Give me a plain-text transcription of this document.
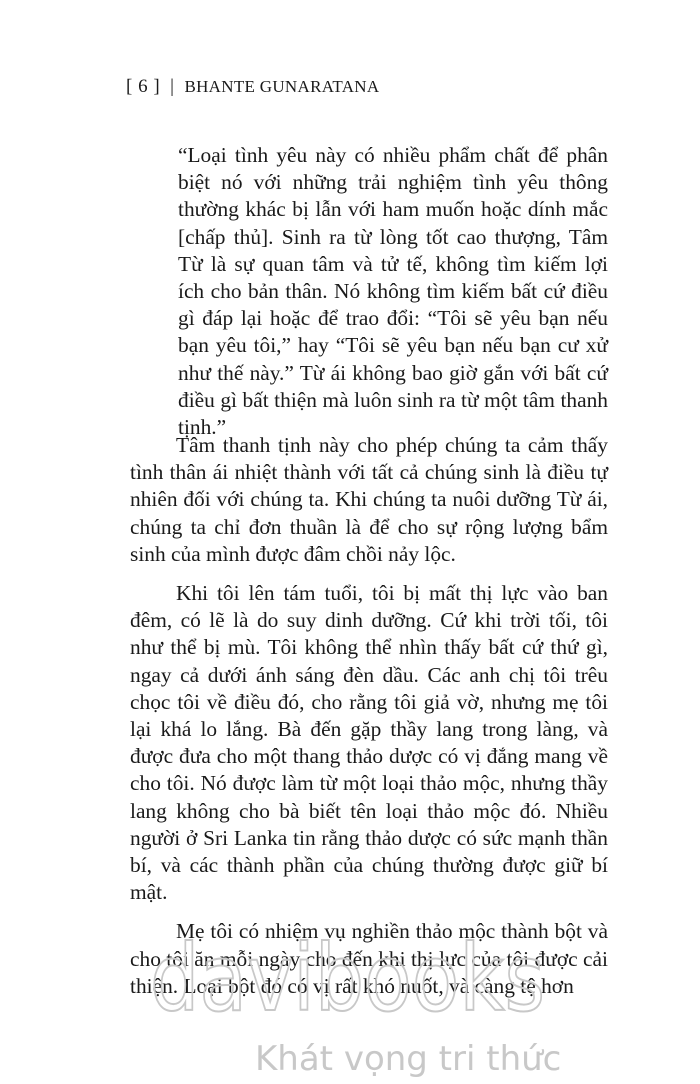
[ 6 ] | BHANTE GUNARATANA
“Loại tình yêu này có nhiều phẩm chất để phân biệt nó với những trải nghiệm tình yêu thông thường khác bị lẫn với ham muốn hoặc dính mắc [chấp thủ]. Sinh ra từ lòng tốt cao thượng, Tâm Từ là sự quan tâm và tử tế, không tìm kiếm lợi ích cho bản thân. Nó không tìm kiếm bất cứ điều gì đáp lại hoặc để trao đổi: “Tôi sẽ yêu bạn nếu bạn yêu tôi,” hay “Tôi sẽ yêu bạn nếu bạn cư xử như thế này.” Từ ái không bao giờ gắn với bất cứ điều gì bất thiện mà luôn sinh ra từ một tâm thanh tịnh.”

Tâm thanh tịnh này cho phép chúng ta cảm thấy tình thân ái nhiệt thành với tất cả chúng sinh là điều tự nhiên đối với chúng ta. Khi chúng ta nuôi dưỡng Từ ái, chúng ta chỉ đơn thuần là để cho sự rộng lượng bẩm sinh của mình được đâm chồi nảy lộc.

Khi tôi lên tám tuổi, tôi bị mất thị lực vào ban đêm, có lẽ là do suy dinh dưỡng. Cứ khi trời tối, tôi như thể bị mù. Tôi không thể nhìn thấy bất cứ thứ gì, ngay cả dưới ánh sáng đèn dầu. Các anh chị tôi trêu chọc tôi về điều đó, cho rằng tôi giả vờ, nhưng mẹ tôi lại khá lo lắng. Bà đến gặp thầy lang trong làng, và được đưa cho một thang thảo dược có vị đắng mang về cho tôi. Nó được làm từ một loại thảo mộc, nhưng thầy lang không cho bà biết tên loại thảo mộc đó. Nhiều người ở Sri Lanka tin rằng thảo dược có sức mạnh thần bí, và các thành phần của chúng thường được giữ bí mật.

Mẹ tôi có nhiệm vụ nghiền thảo mộc thành bột và cho tôi ăn mỗi ngày cho đến khi thị lực của tôi được cải thiện. Loại bột đó có vị rất khó nuốt, và càng tệ hơn

davibooks
Khát vọng tri thức
